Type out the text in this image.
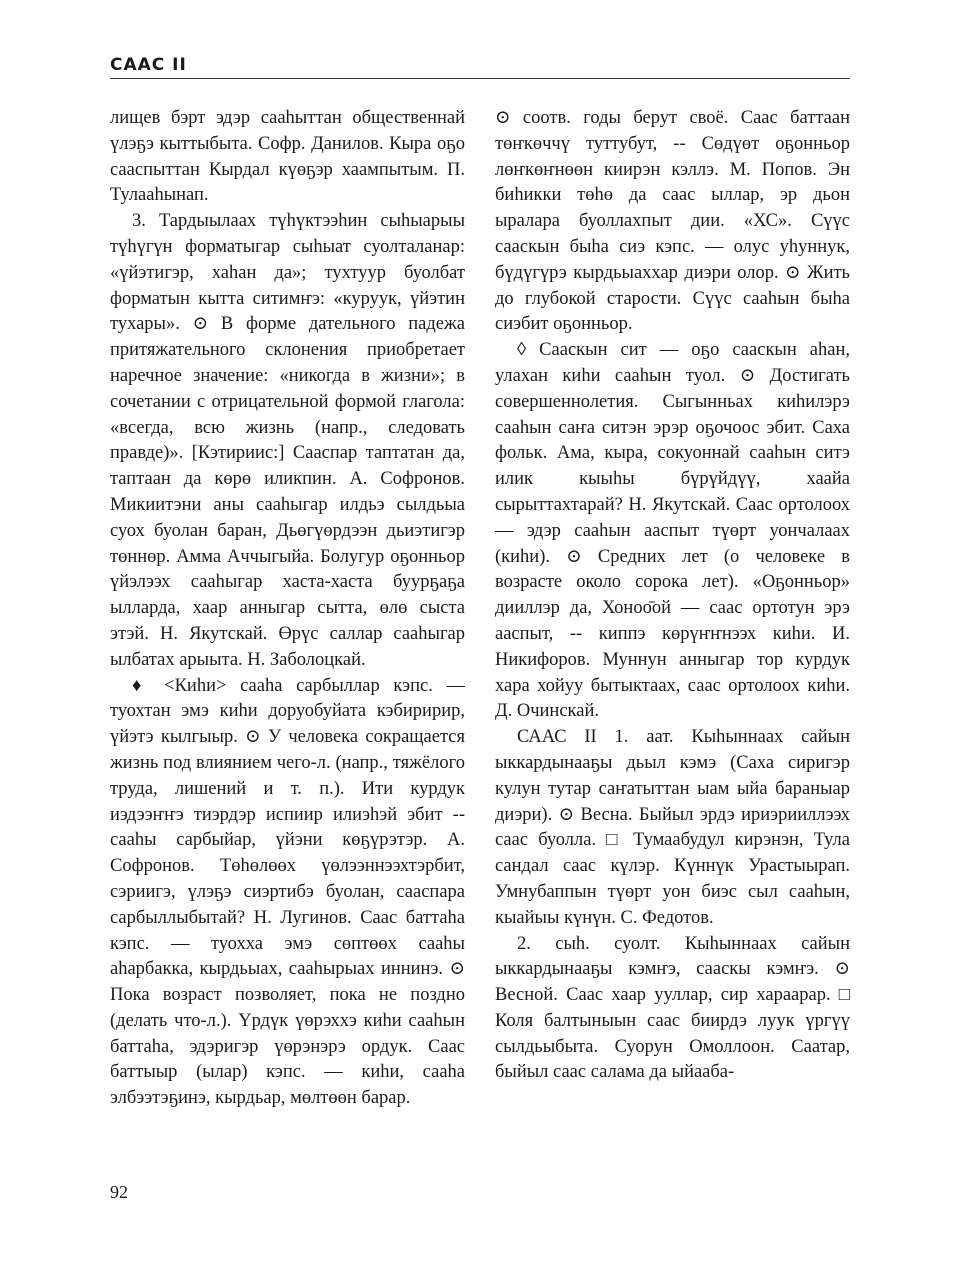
СААС II

лищев бэрт эдэр сааһыттан общественнай үлэҕэ кыттыбыта. Софр. Данилов. Кыра оҕо сааспыттан Кырдал күөҕэр хаампытым. П. Тулааһынап.

3. Тардыылаах түһүктээһин сыһыарыы түһүгүн форматыгар сыһыат суолталанар: «үйэтигэр, хаһан да»; тухтуур буолбат форматын кытта ситимҥэ: «куруук, үйэтин тухары». ⊙ В форме дательного падежа притяжательного склонения приобретает наречное значение: «никогда в жизни»; в сочетании с отрицательной формой глагола: «всегда, всю жизнь (напр., следовать правде)». [Кэтирииc:] Сааспар таптатан да, таптаан да көрө иликпин. А. Софронов. Микиитэни аны сааһыгар илдьэ сылдьыа суох буолан баран, Дьөгүөрдээн дьиэтигэр төннөр. Амма Аччыгыйа. Болугур оҕонньор үйэлээх сааһыгар хаста-хаста буурҕаҕа ылларда, хаар анныгар сытта, өлө сыста этэй. Н. Якутскай. Өрүс саллар сааһыгар ылбатах арыыта. Н. Заболоцкай.

♦ <Киһи> сааһа сарбыллар кэпс. — туохтан эмэ киһи доруобуйата кэбиририр, үйэтэ кылгыыр. ⊙ У человека сокращается жизнь под влиянием чего-л. (напр., тяжёлого труда, лишений и т. п.). Ити курдук иэдээҥҥэ тиэрдэр испиир илиэһэй эбит -- сааһы сарбыйар, үйэни көҕүрэтэр. А. Софронов. Төһөлөөх үөлээннээхтэрбит, сэриигэ, үлэҕэ сиэртибэ буолан, сааспара сарбыллыбытай? Н. Лугинов. Саас баттаһа кэпс. — туохха эмэ сөптөөх сааһы аһарбакка, кырдьыах, сааһырыах иннинэ. ⊙ Пока возраст позволяет, пока не поздно (делать что-л.). Үрдүк үөрэххэ киһи сааһын баттаһа, эдэригэр үөрэнэрэ ордук. Саас баттыыр (ылар) кэпс. — киһи, сааһа элбээтэҕинэ, кырдьар, мөлтөөн барар.

⊙ соотв. годы берут своё. Саас баттаан төҥкөччү туттубут, -- Сөдүөт оҕонньор лөҥкөҥнөөн киирэн кэллэ. М. Попов. Эн биһикки төһө да саас ыллар, эр дьон ыралара буоллахпыт дии. «ХС». Сүүс сааскын быһа сиэ кэпс. — олус уһуннук, бүдүгүрэ кырдьыаххар диэри олор. ⊙ Жить до глубокой старости. Сүүс сааһын быһа сиэбит оҕонньор.

◊ Сааскын сит — оҕо сааскын аһан, улахан киһи сааһын туол. ⊙ Достигать совершеннолетия. Сыгынньах киһилэрэ сааһын саҥа ситэн эрэр оҕочоос эбит. Саха фольк. Ама, кыра, сокуоннай сааһын ситэ илик кыыһы бүрүйдүү, хаайа сырыттахтарай? Н. Якутскай. Саас ортолоох — эдэр сааһын ааспыт түөрт уончалаах (киһи). ⊙ Средних лет (о человеке в возрасте около сорока лет). «Оҕонньор» дииллэр да, Хоноо̄ой — саас ортотун эрэ ааспыт, -- киппэ көрүҥҥнээх киһи. И. Никифоров. Муннун анныгар тор курдук хара хойуу бытыктаах, саас ортолоох киһи. Д. Очинскай.

СААС II 1. аат. Кыһыннаах сайын ыккардынааҕы дьыл кэмэ (Саха сиригэр кулун тутар саҥатыттан ыам ыйа бараныар диэри). ⊙ Весна. Быйыл эрдэ ириэрииллээх саас буолла. □ Тумаабудул кирэнэн, Тула сандал саас күлэр. Күннүк Урастыырап. Умнубаппын түөрт уон биэс сыл сааһын, кыайыы күнүн. С. Федотов.

2. сыһ. суолт. Кыһыннаах сайын ыккардынааҕы кэмҥэ, сааскы кэмҥэ. ⊙ Весной. Саас хаар ууллар, сир хараарар. □ Коля балтыныын саас биирдэ луук үргүү сылдьыбыта. Суорун Омоллоон. Саатар, быйыл саас салама да ыйааба-

92
